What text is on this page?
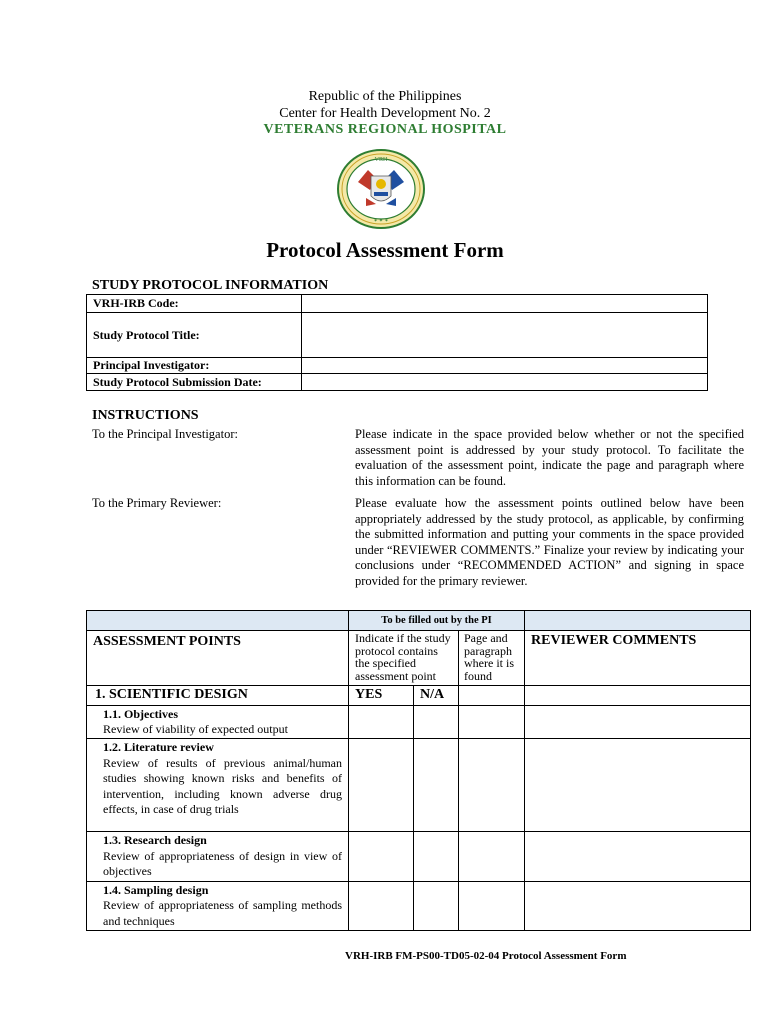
Republic of the Philippines
Center for Health Development No. 2
VETERANS REGIONAL HOSPITAL
VRH
✶ ✶ ✶
Protocol Assessment Form
STUDY PROTOCOL INFORMATION
VRH-IRB Code:	
Study Protocol Title:	
Principal Investigator:	
Study Protocol Submission Date:	
INSTRUCTIONS
To the Principal Investigator:	Please indicate in the space provided below whether or not the specified assessment point is addressed by your study protocol. To facilitate the evaluation of the assessment point, indicate the page and paragraph where this information can be found.
To the Primary Reviewer:	Please evaluate how the assessment points outlined below have been appropriately addressed by the study protocol, as applicable, by confirming the submitted information and putting your comments in the space provided under “REVIEWER COMMENTS.” Finalize your review by indicating your conclusions under “RECOMMENDED ACTION” and signing in space provided for the primary reviewer.
	To be filled out by the PI			
ASSESSMENT POINTS	Indicate if the study protocol contains the specified assessment point		Page and paragraph where it is found	REVIEWER COMMENTS
1. SCIENTIFIC DESIGN	YES	N/A		

1.1. Objectives
Review of viability of expected output				

1.2. Literature review
Review of results of previous animal/human studies showing known risks and benefits of intervention, including known adverse drug effects, in case of drug trials				

1.3. Research design
Review of appropriateness of design in view of objectives				

1.4. Sampling design
Review of appropriateness of sampling methods and techniques				

VRH-IRB FM-PS00-TD05-02-04 Protocol Assessment Form
